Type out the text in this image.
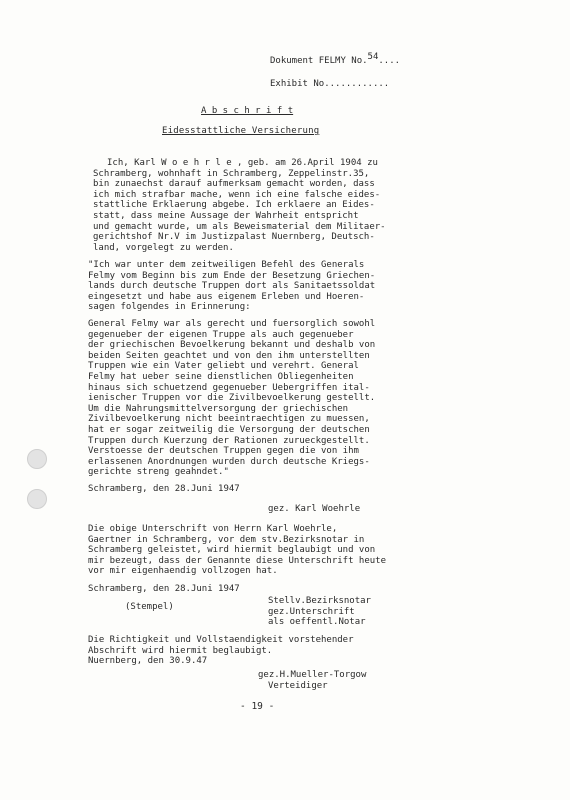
Dokument FELMY No.54....
Exhibit No............
A b s c h r i f t
Eidesstattliche Versicherung
Ich, Karl W o e h r l e , geb. am 26.April 1904 zu
Schramberg, wohnhaft in Schramberg, Zeppelinstr.35,
bin zunaechst darauf aufmerksam gemacht worden, dass
ich mich strafbar mache, wenn ich eine falsche eides-
stattliche Erklaerung abgebe. Ich erklaere an Eides-
statt, dass meine Aussage der Wahrheit entspricht
und gemacht wurde, um als Beweismaterial dem Militaer-
gerichtshof Nr.V im Justizpalast Nuernberg, Deutsch-
land, vorgelegt zu werden.
"Ich war unter dem zeitweiligen Befehl des Generals
Felmy vom Beginn bis zum Ende der Besetzung Griechen-
lands durch deutsche Truppen dort als Sanitaetssoldat
eingesetzt und habe aus eigenem Erleben und Hoeren-
sagen folgendes in Erinnerung:
General Felmy war als gerecht und fuersorglich sowohl
gegenueber der eigenen Truppe als auch gegenueber
der griechischen Bevoelkerung bekannt und deshalb von
beiden Seiten geachtet und von den ihm unterstellten
Truppen wie ein Vater geliebt und verehrt. General
Felmy hat ueber seine dienstlichen Obliegenheiten
hinaus sich schuetzend gegenueber Uebergriffen ital-
ienischer Truppen vor die Zivilbevoelkerung gestellt.
Um die Nahrungsmittelversorgung der griechischen
Zivilbevoelkerung nicht beeintraechtigen zu muessen,
hat er sogar zeitweilig die Versorgung der deutschen
Truppen durch Kuerzung der Rationen zurueckgestellt.
Verstoesse der deutschen Truppen gegen die von ihm
erlassenen Anordnungen wurden durch deutsche Kriegs-
gerichte streng geahndet."
Schramberg, den 28.Juni 1947
gez. Karl Woehrle
Die obige Unterschrift von Herrn Karl Woehrle,
Gaertner in Schramberg, vor dem stv.Bezirksnotar in
Schramberg geleistet, wird hiermit beglaubigt und von
mir bezeugt, dass der Genannte diese Unterschrift heute
vor mir eigenhaendig vollzogen hat.
Schramberg, den 28.Juni 1947
(Stempel)
Stellv.Bezirksnotar
gez.Unterschrift
als oeffentl.Notar
Die Richtigkeit und Vollstaendigkeit vorstehender
Abschrift wird hiermit beglaubigt.
Nuernberg, den 30.9.47
gez.H.Mueller-Torgow
Verteidiger
- 19 -
